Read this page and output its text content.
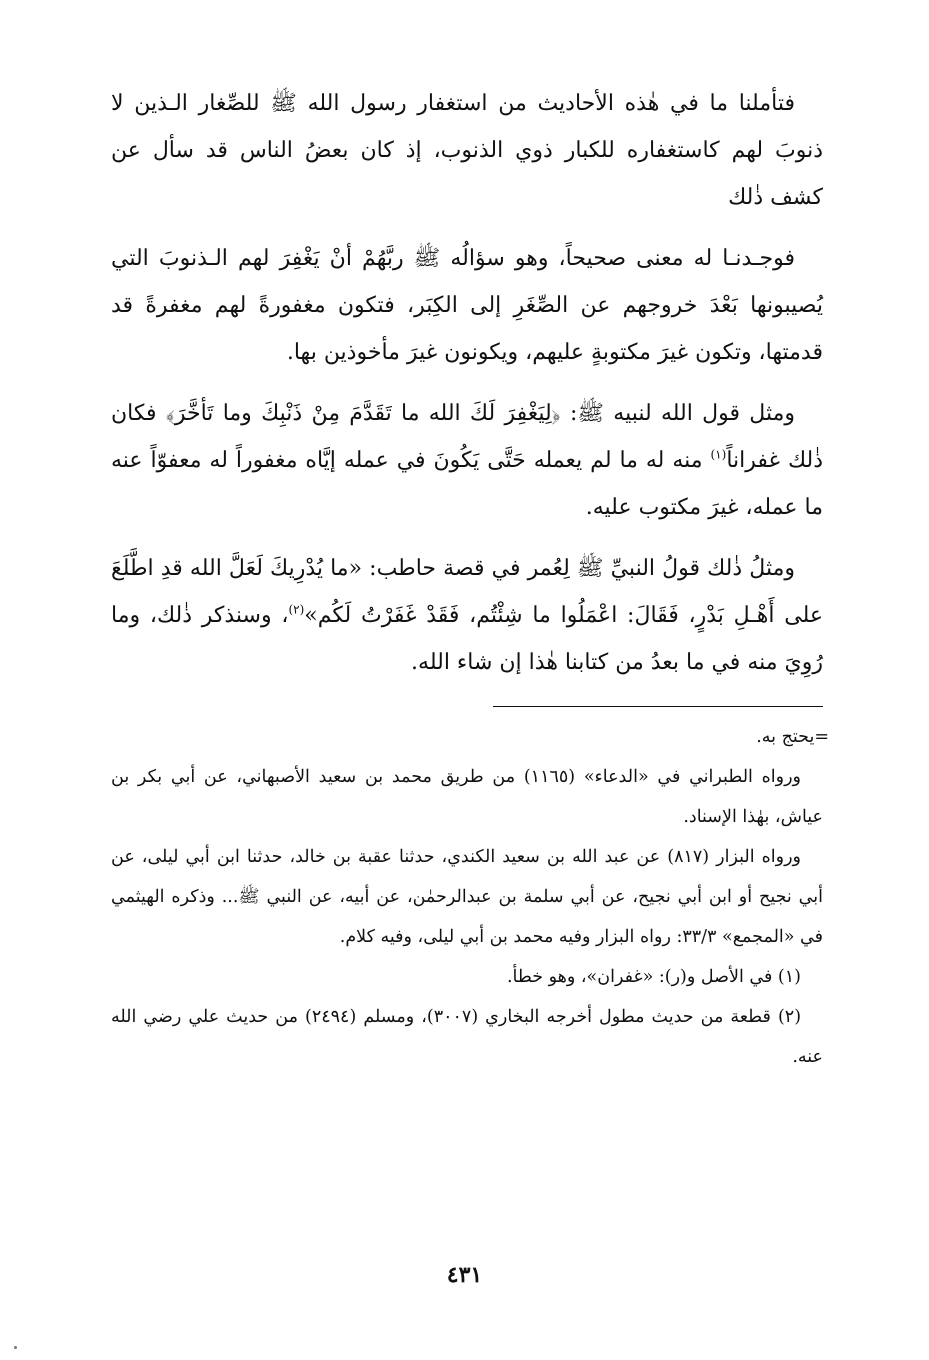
فتأملنا ما في هٰذه الأحاديث من استغفار رسول الله ﷺ للصِّغار الـذين لا ذنوبَ لهم كاستغفاره للكبار ذوي الذنوب، إذ كان بعضُ الناس قد سأل عن كشف ذٰلك

فوجـدنـا له معنى صحيحاً، وهو سؤالُه ﷺ ربَّهُمْ أنْ يَغْفِرَ لهم الـذنوبَ التي يُصيبونها بَعْدَ خروجهم عن الصِّغَرِ إلى الكِبَر، فتكون مغفورةً لهم مغفرةً قد قدمتها، وتكون غيرَ مكتوبةٍ عليهم، ويكونون غيرَ مأخوذين بها.

ومثل قول الله لنبيه ﷺ: ﴿لِيَغْفِرَ لَكَ الله ما تَقَدَّمَ مِنْ ذَنْبِكَ وما تَأخَّرَ﴾ فكان ذٰلك غفراناً$^{(١)}$ منه له ما لم يعمله حَتَّى يَكُونَ في عمله إيَّاه مغفوراً له معفوّاً عنه ما عمله، غيرَ مكتوب عليه.

ومثلُ ذٰلك قولُ النبيِّ ﷺ لِعُمر في قصة حاطب: «ما يُدْرِيكَ لَعَلَّ الله قدِ اطَّلَعَ على أَهْـلِ بَدْرٍ، فَقَالَ: اعْمَلُوا ما شِئْتُم، فَقَدْ غَفَرْتُ لَكُم»$^{(٢)}$، وسنذكر ذٰلك، وما رُوِيَ منه في ما بعدُ من كتابنا هٰذا إن شاء الله.

=يحتج به.

ورواه الطبراني في «الدعاء» (١١٦٥) من طريق محمد بن سعيد الأصبهاني، عن أبي بكر بن عياش، بهٰذا الإسناد.

ورواه البزار (٨١٧) عن عبد الله بن سعيد الكندي، حدثنا عقبة بن خالد، حدثنا ابن أبي ليلى، عن أبي نجيح أو ابن أبي نجيح، عن أبي سلمة بن عبدالرحمٰن، عن أبيه، عن النبي ﷺ... وذكره الهيثمي في «المجمع» ٣٣/٣: رواه البزار وفيه محمد بن أبي ليلى، وفيه كلام.

(١) في الأصل و(ر): «غفران»، وهو خطأ.

(٢) قطعة من حديث مطول أخرجه البخاري (٣٠٠٧)، ومسلم (٢٤٩٤) من حديث علي رضي الله عنه.

٤٣١
